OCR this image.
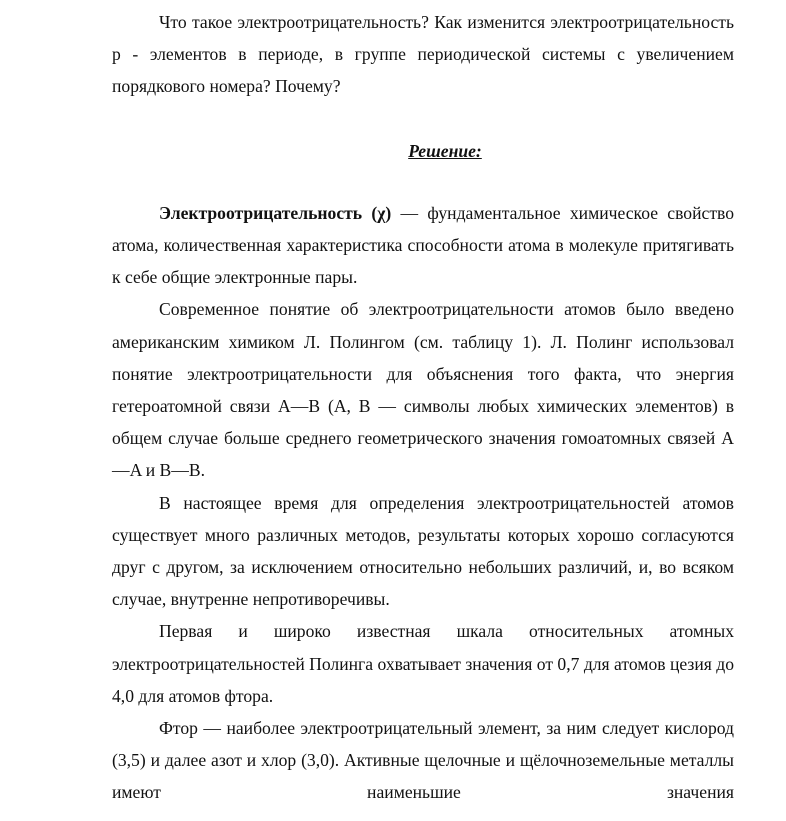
Что такое электроотрицательность? Как изменится электроотрицательность р - элементов в периоде, в группе периодической системы с увеличением порядкового номера? Почему?

Решение:

Электроотрицательность (χ) — фундаментальное химическое свойство атома, количественная характеристика способности атома в молекуле притягивать к себе общие электронные пары.

Современное понятие об электроотрицательности атомов было введено американским химиком Л. Полингом (см. таблицу 1). Л. Полинг использовал понятие электроотрицательности для объяснения того факта, что энергия гетероатомной связи A—B (A, B — символы любых химических элементов) в общем случае больше среднего геометрического значения гомоатомных связей A—A и B—B.

В настоящее время для определения электроотрицательностей атомов существует много различных методов, результаты которых хорошо согласуются друг с другом, за исключением относительно небольших различий, и, во всяком случае, внутренне непротиворечивы.

Первая и широко известная шкала относительных атомных электроотрицательностей Полинга охватывает значения от 0,7 для атомов цезия до 4,0 для атомов фтора.

Фтор — наиболее электроотрицательный элемент, за ним следует кислород (3,5) и далее азот и хлор (3,0). Активные щелочные и щёлочноземельные металлы имеют наименьшие значения
